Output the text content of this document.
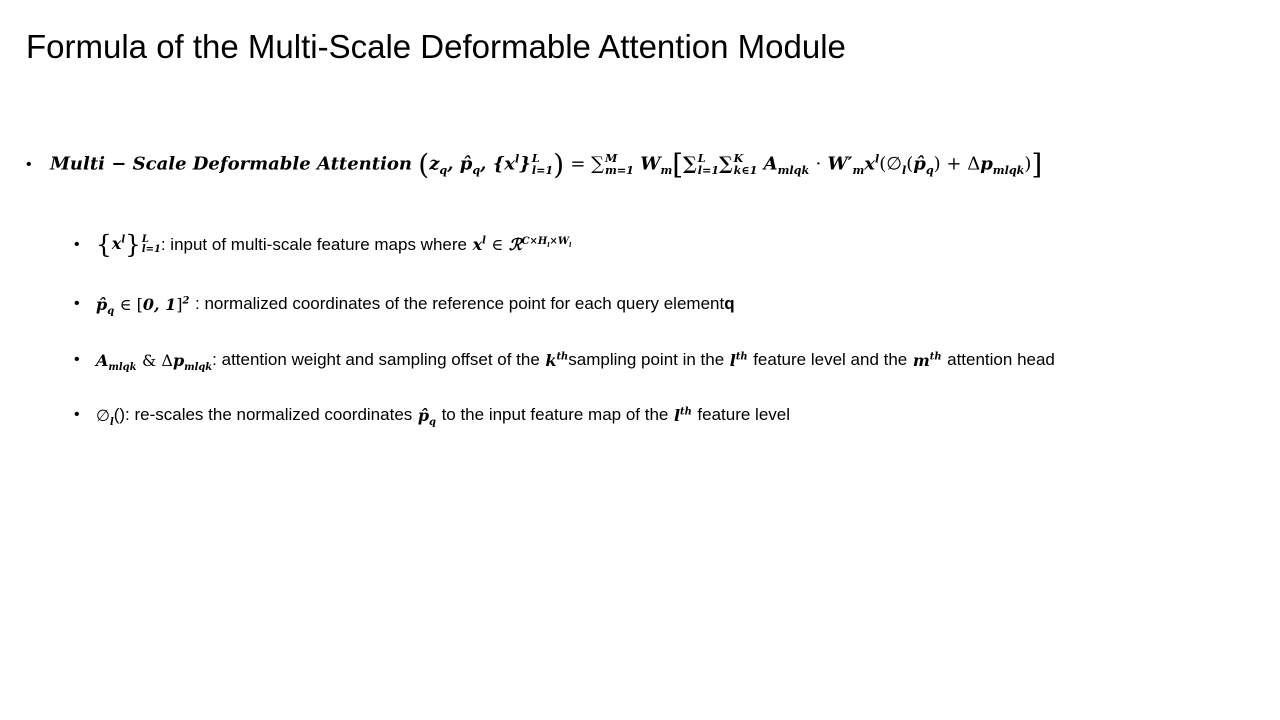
Formula of the Multi-Scale Deformable Attention Module
•	Multi − Scale Deformable Attention ($z_q$, $p̂_q$, $\{x^l\}$ L
l=1 ) = ∑ M
m=1 $W_m[\sum$ L
l=1 ∑ K
k∈1 $A_{mlqk}$ · $W'_mx^l(\emptyset_l(p̂_q) + \Delta p_{mlqk})$]
• $\{x^l\}$ L
l=1 : input of multi-scale feature maps where $x^l$ ∈ ℛ$^{C\times H_l\times W_l}$
•	$p̂_q$ ∈ [0, 1]$^2$ : normalized coordinates of the reference point for each query element q
•	$A_{mlqk}$ & $\Delta p_{mlqk}$ : attention weight and sampling offset of the $k^{th}$ sampling point in the $l^{th}$ feature level and the $m^{th}$ attention head
•	$\emptyset_l$ (): re-scales the normalized coordinates $p̂_q$ to the input feature map of the $l^{th}$ feature level
